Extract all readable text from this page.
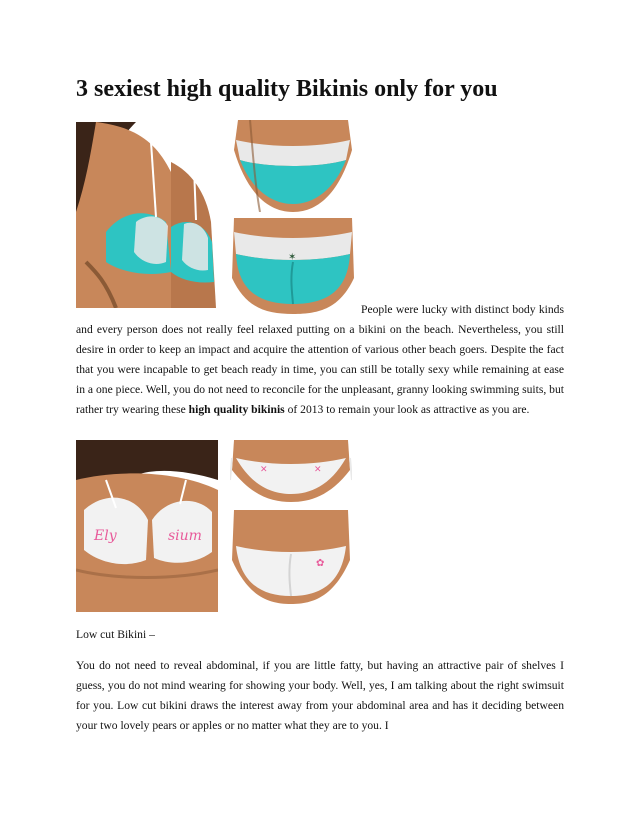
3 sexiest high quality Bikinis only for you
✶

People were lucky with distinct body kinds and every person does not really feel relaxed putting on a bikini on the beach. Nevertheless, you still desire in order to keep an impact and acquire the attention of various other beach goers. Despite the fact that you were incapable to get beach ready in time, you can still be totally sexy while remaining at ease in a one piece. Well, you do not need to reconcile for the unpleasant, granny looking swimming suits, but rather try wearing these high quality bikinis of 2013 to remain your look as attractive as you are.

Ely	sium
✕	✕
✿

Low cut Bikini –

You do not need to reveal abdominal, if you are little fatty, but having an attractive pair of shelves I guess, you do not mind wearing for showing your body. Well, yes, I am talking about the right swimsuit for you. Low cut bikini draws the interest away from your abdominal area and has it deciding between your two lovely pears or apples or no matter what they are to you. I
